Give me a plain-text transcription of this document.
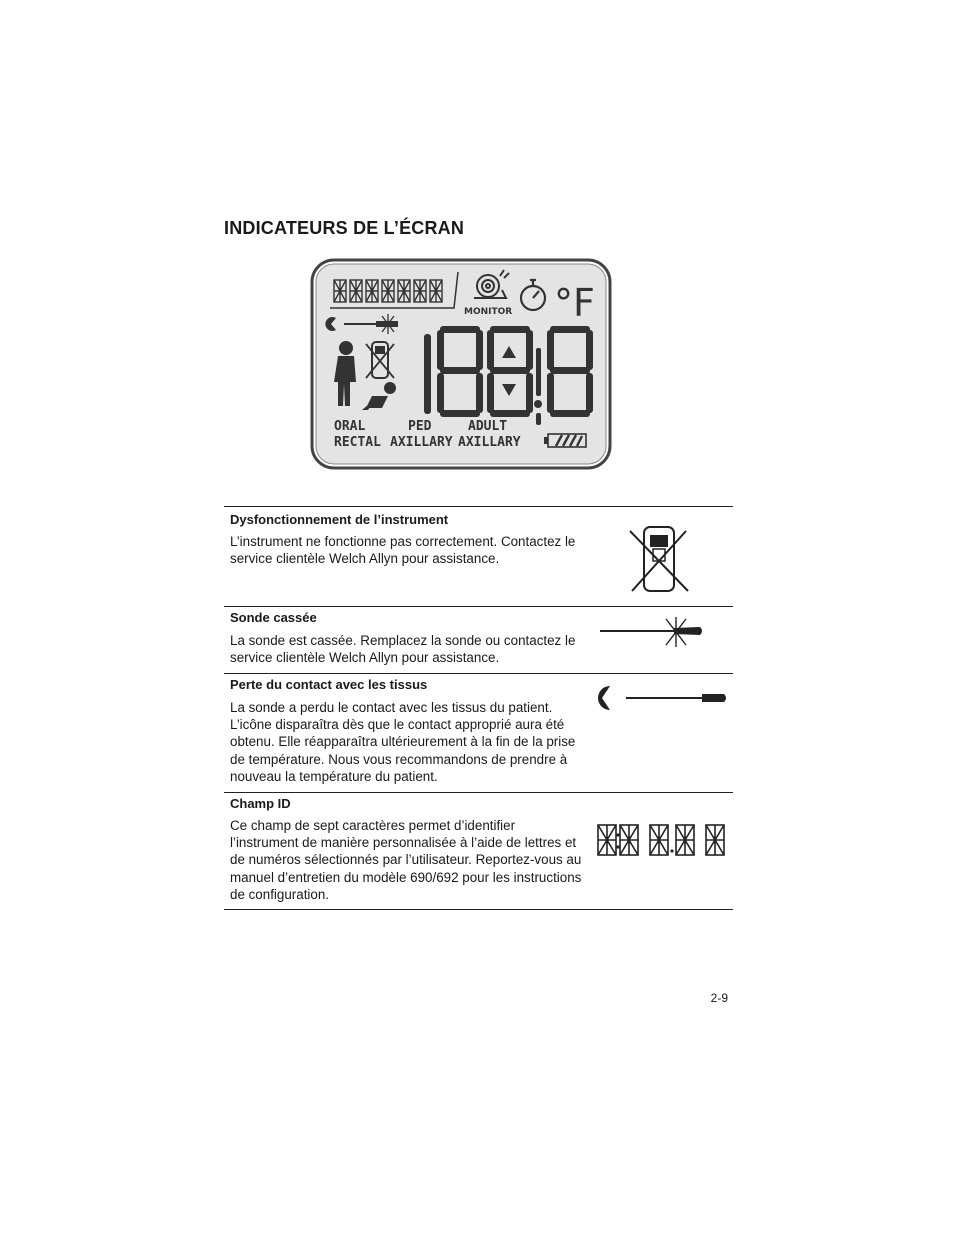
INDICATEURS DE L’ÉCRAN
MONITOR °F
ORAL	PED	ADULT
RECTAL AXILLARY AXILLARY

Dysfonctionnement de l’instrument

L’instrument ne fonctionne pas correctement. Contactez le service clientèle Welch Allyn pour assistance.

Sonde cassée

La sonde est cassée. Remplacez la sonde ou contactez le service clientèle Welch Allyn pour assistance.

Perte du contact avec les tissus

La sonde a perdu le contact avec les tissus du patient. L’icône disparaîtra dès que le contact approprié aura été obtenu. Elle réapparaîtra ultérieurement à la fin de la prise de température. Nous vous recommandons de prendre à nouveau la température du patient.

Champ ID

Ce champ de sept caractères permet d’identifier l’instrument de manière personnalisée à l’aide de lettres et de numéros sélectionnés par l’utilisateur. Reportez-vous au manuel d’entretien du modèle 690/692 pour les instructions de configuration.

2-9
